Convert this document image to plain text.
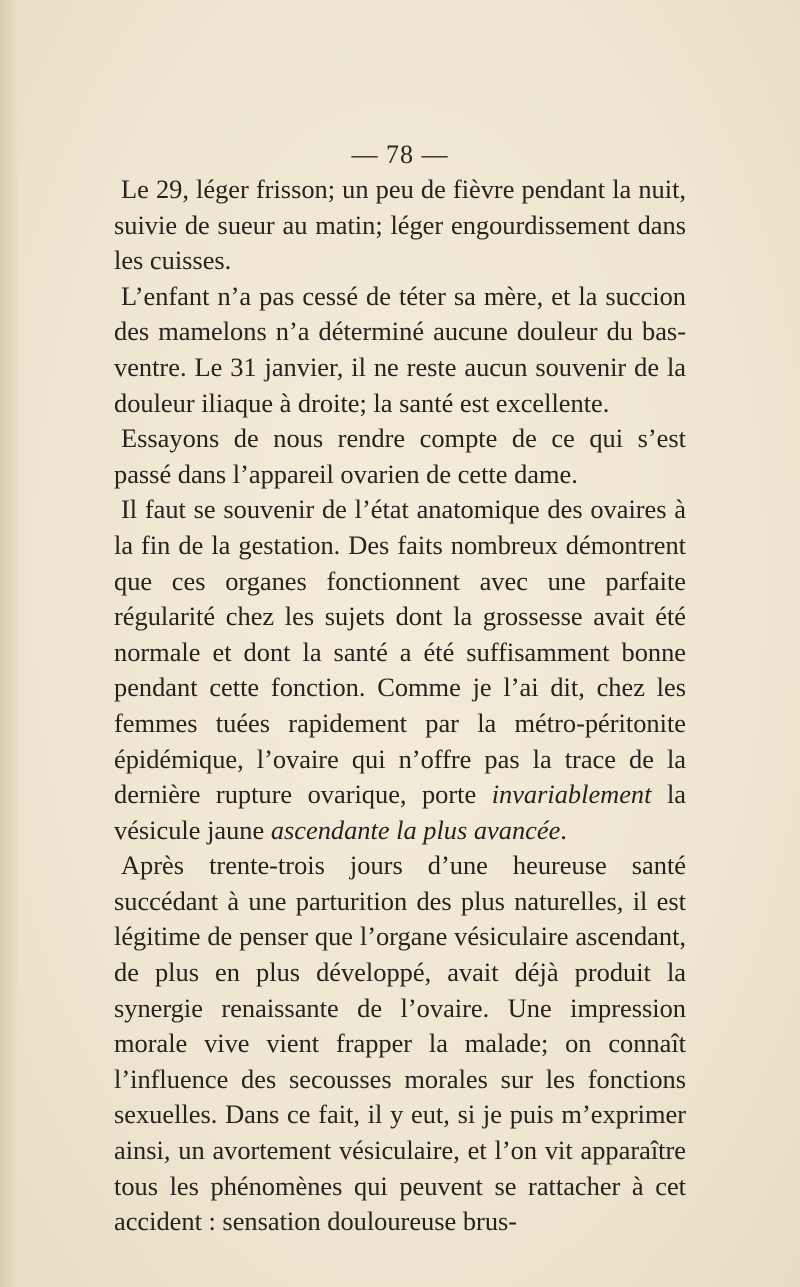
— 78 —

Le 29, léger frisson; un peu de fièvre pendant la nuit, suivie de sueur au matin; léger engourdissement dans les cuisses.

L’enfant n’a pas cessé de téter sa mère, et la succion des mamelons n’a déterminé aucune douleur du bas-ventre. Le 31 janvier, il ne reste aucun souvenir de la douleur iliaque à droite; la santé est excellente.

Essayons de nous rendre compte de ce qui s’est passé dans l’appareil ovarien de cette dame.

Il faut se souvenir de l’état anatomique des ovaires à la fin de la gestation. Des faits nombreux démontrent que ces organes fonctionnent avec une parfaite régularité chez les sujets dont la grossesse avait été normale et dont la santé a été suffisamment bonne pendant cette fonction. Comme je l’ai dit, chez les femmes tuées rapidement par la métro-péritonite épidémique, l’ovaire qui n’offre pas la trace de la dernière rupture ovarique, porte invariablement la vésicule jaune ascendante la plus avancée.

Après trente-trois jours d’une heureuse santé succédant à une parturition des plus naturelles, il est légitime de penser que l’organe vésiculaire ascendant, de plus en plus développé, avait déjà produit la synergie renaissante de l’ovaire. Une impression morale vive vient frapper la malade; on connaît l’influence des secousses morales sur les fonctions sexuelles. Dans ce fait, il y eut, si je puis m’exprimer ainsi, un avortement vésiculaire, et l’on vit apparaître tous les phénomènes qui peuvent se rattacher à cet accident : sensation douloureuse brus-
